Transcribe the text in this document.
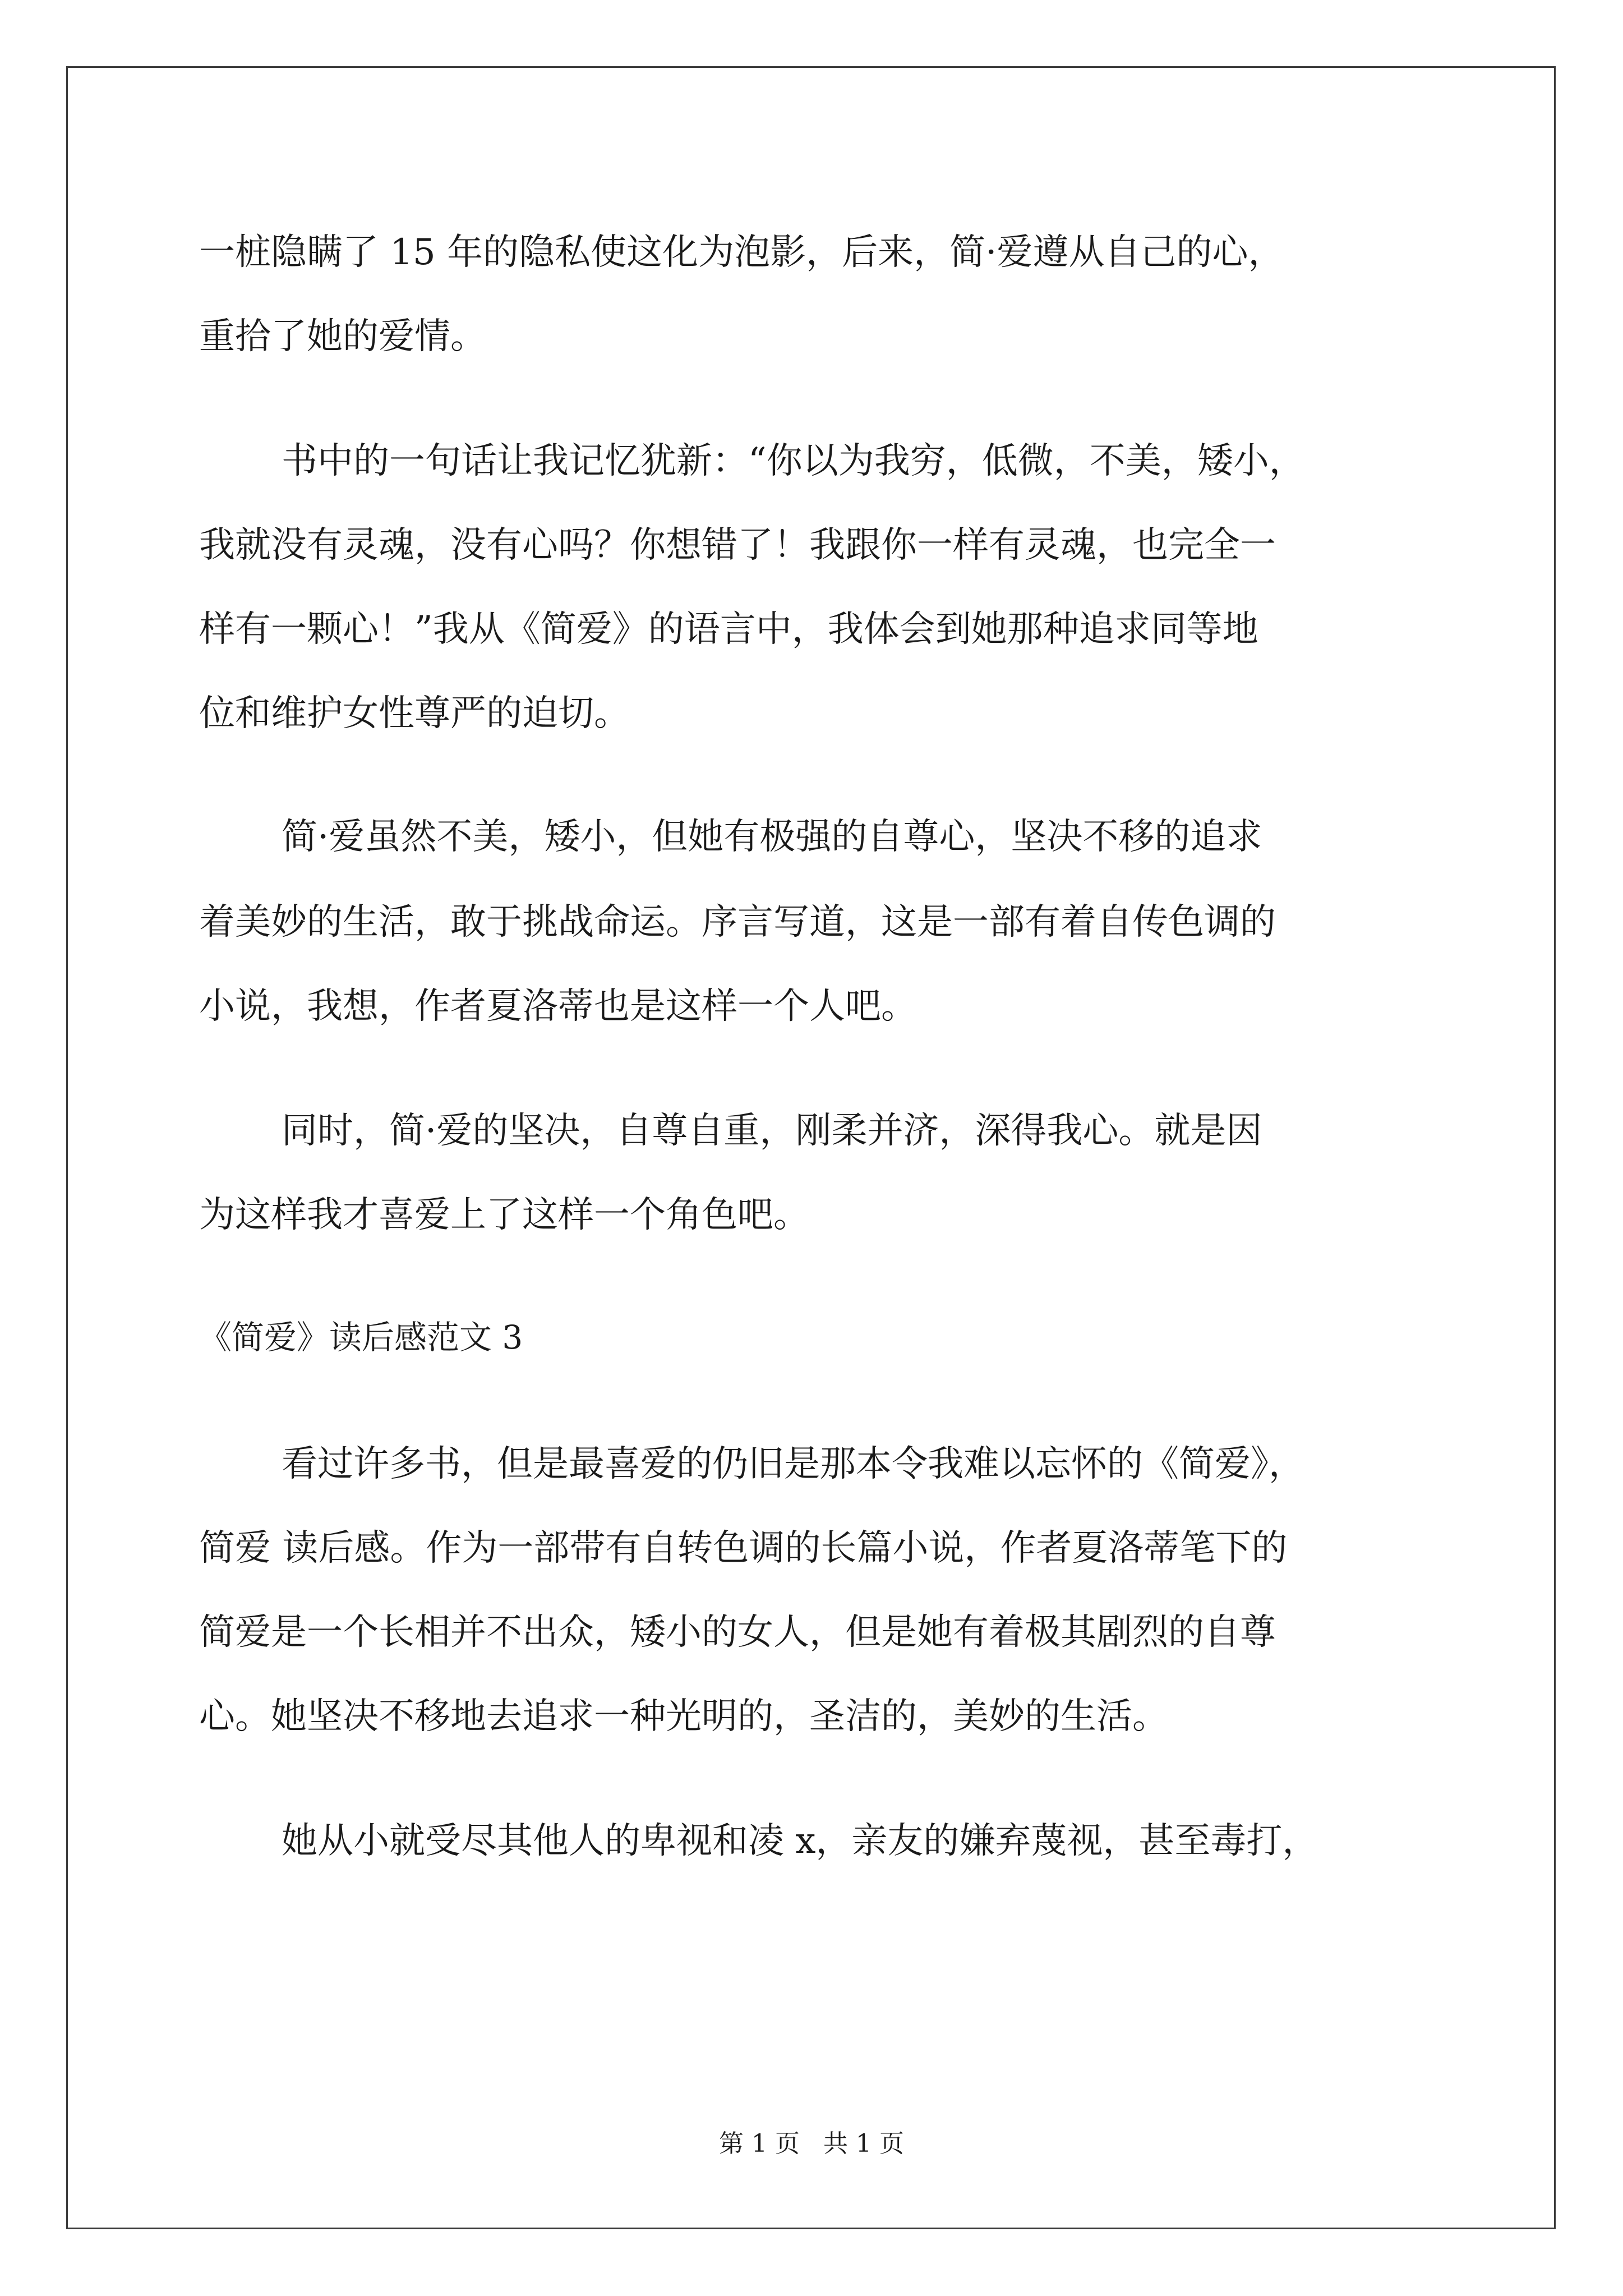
一桩隐瞒了 15 年的隐私使这化为泡影，后来，简·爱遵从自己的心，
重拾了她的爱情。
书中的一句话让我记忆犹新：“你以为我穷，低微，不美，矮小，
我就没有灵魂，没有心吗？你想错了！我跟你一样有灵魂，也完全一
样有一颗心！”我从《简爱》的语言中，我体会到她那种追求同等地
位和维护女性尊严的迫切。
简·爱虽然不美，矮小，但她有极强的自尊心，坚决不移的追求
着美妙的生活，敢于挑战命运。序言写道，这是一部有着自传色调的
小说，我想，作者夏洛蒂也是这样一个人吧。
同时，简·爱的坚决，自尊自重，刚柔并济，深得我心。就是因
为这样我才喜爱上了这样一个角色吧。
《简爱》读后感范文 3
看过许多书，但是最喜爱的仍旧是那本令我难以忘怀的《简爱》，
简爱 读后感。作为一部带有自转色调的长篇小说，作者夏洛蒂笔下的
简爱是一个长相并不出众，矮小的女人，但是她有着极其剧烈的自尊
心。她坚决不移地去追求一种光明的，圣洁的，美妙的生活。
她从小就受尽其他人的卑视和凌 x，亲友的嫌弃蔑视，甚至毒打，
第 1 页   共 1 页
